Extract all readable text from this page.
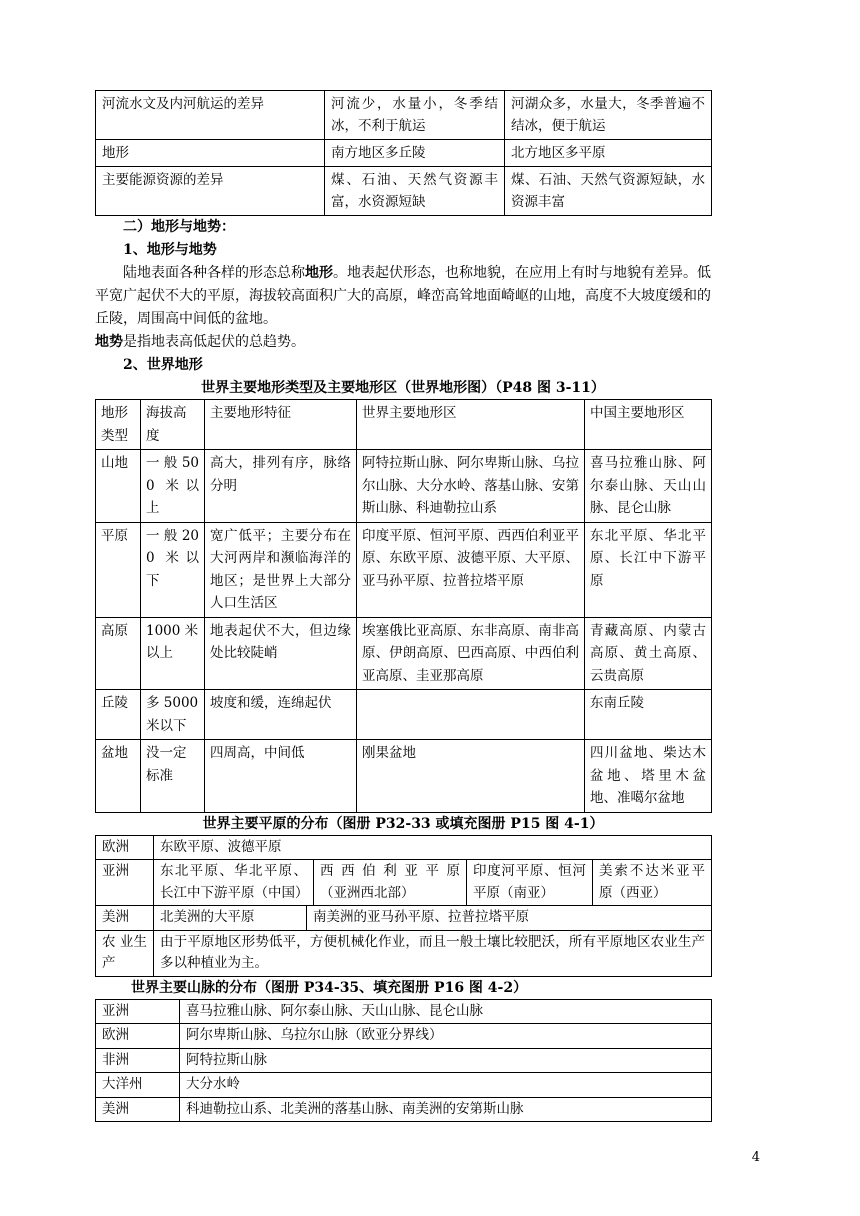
河流水文及内河航运的差异	河流少，水量小，冬季结冰，不利于航运	河湖众多，水量大，冬季普遍不结冰，便于航运
地形	南方地区多丘陵	北方地区多平原
主要能源资源的差异	煤、石油、天然气资源丰富，水资源短缺	煤、石油、天然气资源短缺，水资源丰富

二）地形与地势：

1、地形与地势

陆地表面各种各样的形态总称地形。地表起伏形态，也称地貌，在应用上有时与地貌有差异。低平宽广起伏不大的平原，海拔较高面积广大的高原，峰峦高耸地面崎岖的山地，高度不大坡度缓和的丘陵，周围高中间低的盆地。

地势是指地表高低起伏的总趋势。

2、世界地形

世界主要地形类型及主要地形区（世界地形图）（P48 图 3-11）

地形类型	海拔高度	主要地形特征	世界主要地形区	中国主要地形区
山地	一 般 500 米以上	高大，排列有序，脉络分明	阿特拉斯山脉、阿尔卑斯山脉、乌拉尔山脉、大分水岭、落基山脉、安第斯山脉、科迪勒拉山系	喜马拉雅山脉、阿尔泰山脉、天山山脉、昆仑山脉
平原	一 般 200 米以下	宽广低平；主要分布在大河两岸和濒临海洋的地区；是世界上大部分人口生活区	印度平原、恒河平原、西西伯利亚平原、东欧平原、波德平原、大平原、亚马孙平原、拉普拉塔平原	东北平原、华北平原、长江中下游平原
高原	1000 米以上	地表起伏不大，但边缘处比较陡峭	埃塞俄比亚高原、东非高原、南非高原、伊朗高原、巴西高原、中西伯利亚高原、圭亚那高原	青藏高原、内蒙古高原、黄土高原、云贵高原
丘陵	多 5000 米以下	坡度和缓，连绵起伏		东南丘陵
盆地	没一定标准	四周高，中间低	刚果盆地	四川盆地、柴达木盆地、塔里木盆地、准噶尔盆地

世界主要平原的分布（图册 P32-33 或填充图册 P15 图 4-1）

欧洲	东欧平原、波德平原				
亚洲	东北平原、华北平原、长江中下游平原（中国）		西 西 伯 利 亚 平 原（亚洲西北部）	印度河平原、恒河平原（南亚）	美索不达米亚平原（西亚）
美洲	北美洲的大平原	南美洲的亚马孙平原、拉普拉塔平原			
农 业生产	由于平原地区形势低平，方便机械化作业，而且一般土壤比较肥沃，所有平原地区农业生产多以种植业为主。				

世界主要山脉的分布（图册 P34-35、填充图册 P16 图 4-2）

亚洲	喜马拉雅山脉、阿尔泰山脉、天山山脉、昆仑山脉
欧洲	阿尔卑斯山脉、乌拉尔山脉（欧亚分界线）
非洲	阿特拉斯山脉
大洋州	大分水岭
美洲	科迪勒拉山系、北美洲的落基山脉、南美洲的安第斯山脉
4
